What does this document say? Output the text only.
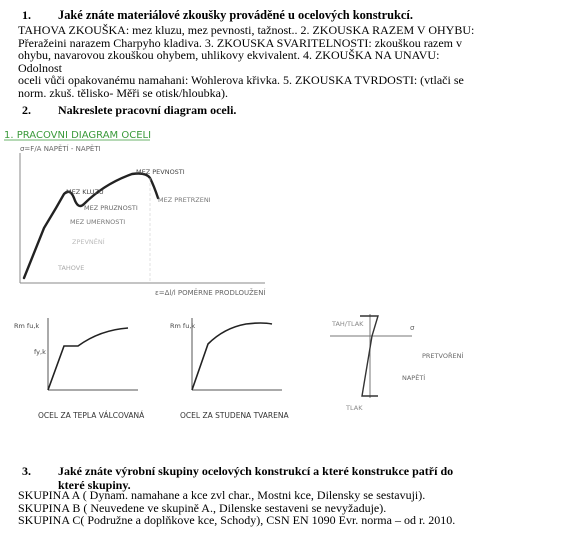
1. Jaké znáte materiálové zkoušky prováděné u ocelových konstrukcí.
TAHOVA ZKOUŠKA: mez kluzu, mez pevnosti, tažnost.. 2. ZKOUSKA RAZEM V OHYBU:
Přeražeini narazem Charpyho kladiva. 3. ZKOUSKA SVARITELNOSTI: zkouškou razem v
ohybu, navarovou zkouškou ohybem, uhlikovy ekvivalent. 4. ZKOUŠKA NA UNAVU: Odolnost
oceli vůči opakovanému namahani: Wohlerova křivka. 5. ZKOUSKA TVRDOSTI: (vtlači se
norm. zkuš. tělisko- Měři se otisk/hloubka).
2. Nakreslete pracovní diagram oceli.
1. PRACOVNI DIAGRAM OCELI
σ=F/A NAPĚTÍ - NAPĚTI
ε=Δl/l POMĚRNE PRODLOUŽENÍ
MEZ PEVNOSTI
MEZ PRETRZENI
MEZ KLUZU
MEZ PRUZNOSTI
MEZ UMERNOSTI
ZPEVNĚNÍ
TAHOVE
Rm fu,k
fy,k
OCEL ZA TEPLA VÁLCOVANÁ
Rm fu,k
OCEL ZA STUDENA TVARENA
σ
PRETVOŘENÍ
NAPĚTÍ
TAH/TLAK
TLAK
3. Jaké znáte výrobní skupiny ocelových konstrukcí a které konstrukce patří do
které skupiny.
SKUPINA A ( Dynam. namahane a kce zvl char., Mostni kce, Dilensky se sestavuji).
SKUPINA B ( Neuvedene ve skupině A., Dilenske sestaveni se nevyžaduje).
SKUPINA C( Podružne a doplňkove kce, Schody), CSN EN 1090 Evr. norma – od r. 2010.
